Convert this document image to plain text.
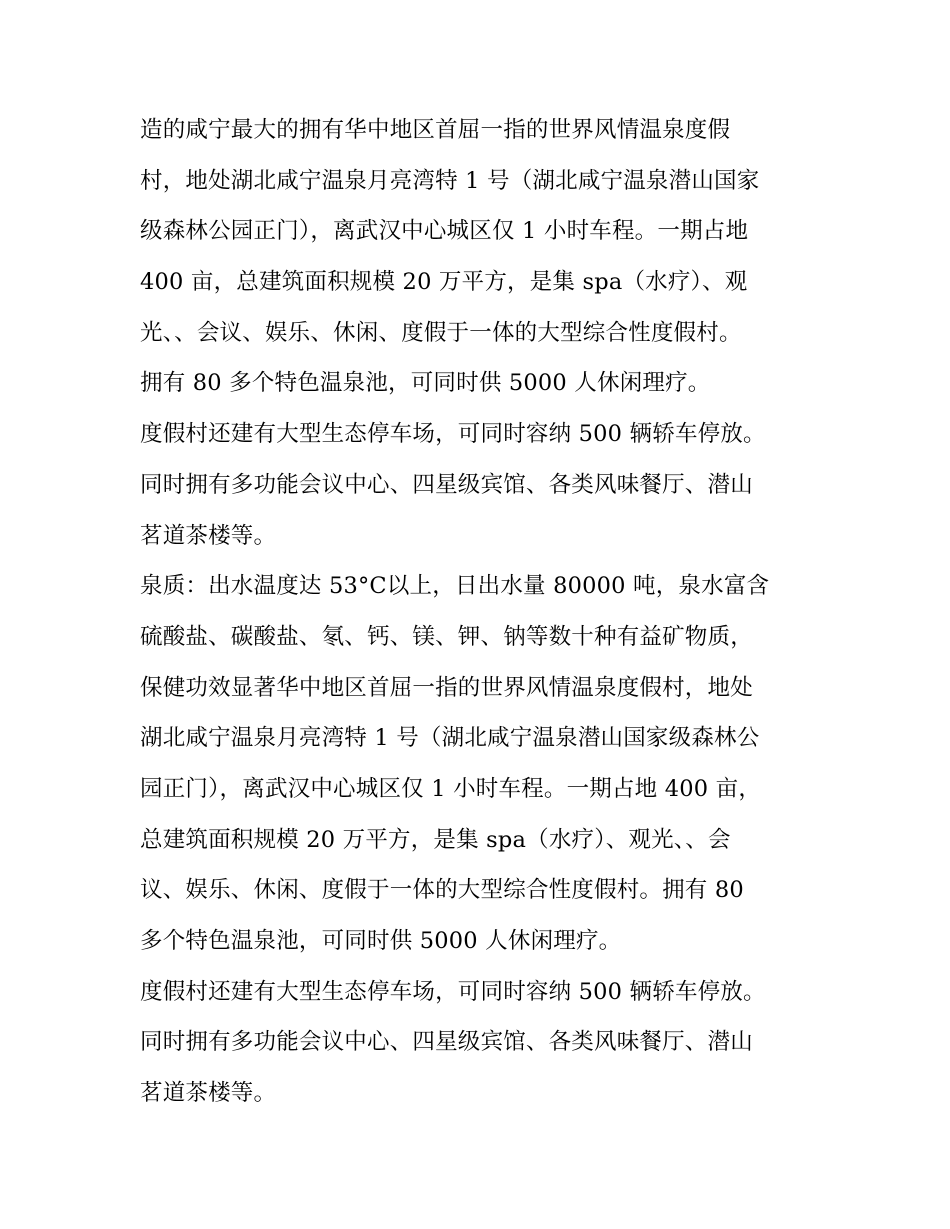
造的咸宁最大的拥有华中地区首屈一指的世界风情温泉度假
村，地处湖北咸宁温泉月亮湾特 1 号（湖北咸宁温泉潜山国家
级森林公园正门），离武汉中心城区仅 1 小时车程。一期占地
400 亩，总建筑面积规模 20 万平方，是集 spa（水疗）、观
光、、会议、娱乐、休闲、度假于一体的大型综合性度假村。
拥有 80 多个特色温泉池，可同时供 5000 人休闲理疗。
度假村还建有大型生态停车场，可同时容纳 500 辆轿车停放。
同时拥有多功能会议中心、四星级宾馆、各类风味餐厅、潜山
茗道茶楼等。
泉质：出水温度达 53°C以上，日出水量 80000 吨，泉水富含
硫酸盐、碳酸盐、氡、钙、镁、钾、钠等数十种有益矿物质，
保健功效显著华中地区首屈一指的世界风情温泉度假村，地处
湖北咸宁温泉月亮湾特 1 号（湖北咸宁温泉潜山国家级森林公
园正门），离武汉中心城区仅 1 小时车程。一期占地 400 亩，
总建筑面积规模 20 万平方，是集 spa（水疗）、观光、、会
议、娱乐、休闲、度假于一体的大型综合性度假村。拥有 80
多个特色温泉池，可同时供 5000 人休闲理疗。
度假村还建有大型生态停车场，可同时容纳 500 辆轿车停放。
同时拥有多功能会议中心、四星级宾馆、各类风味餐厅、潜山
茗道茶楼等。
